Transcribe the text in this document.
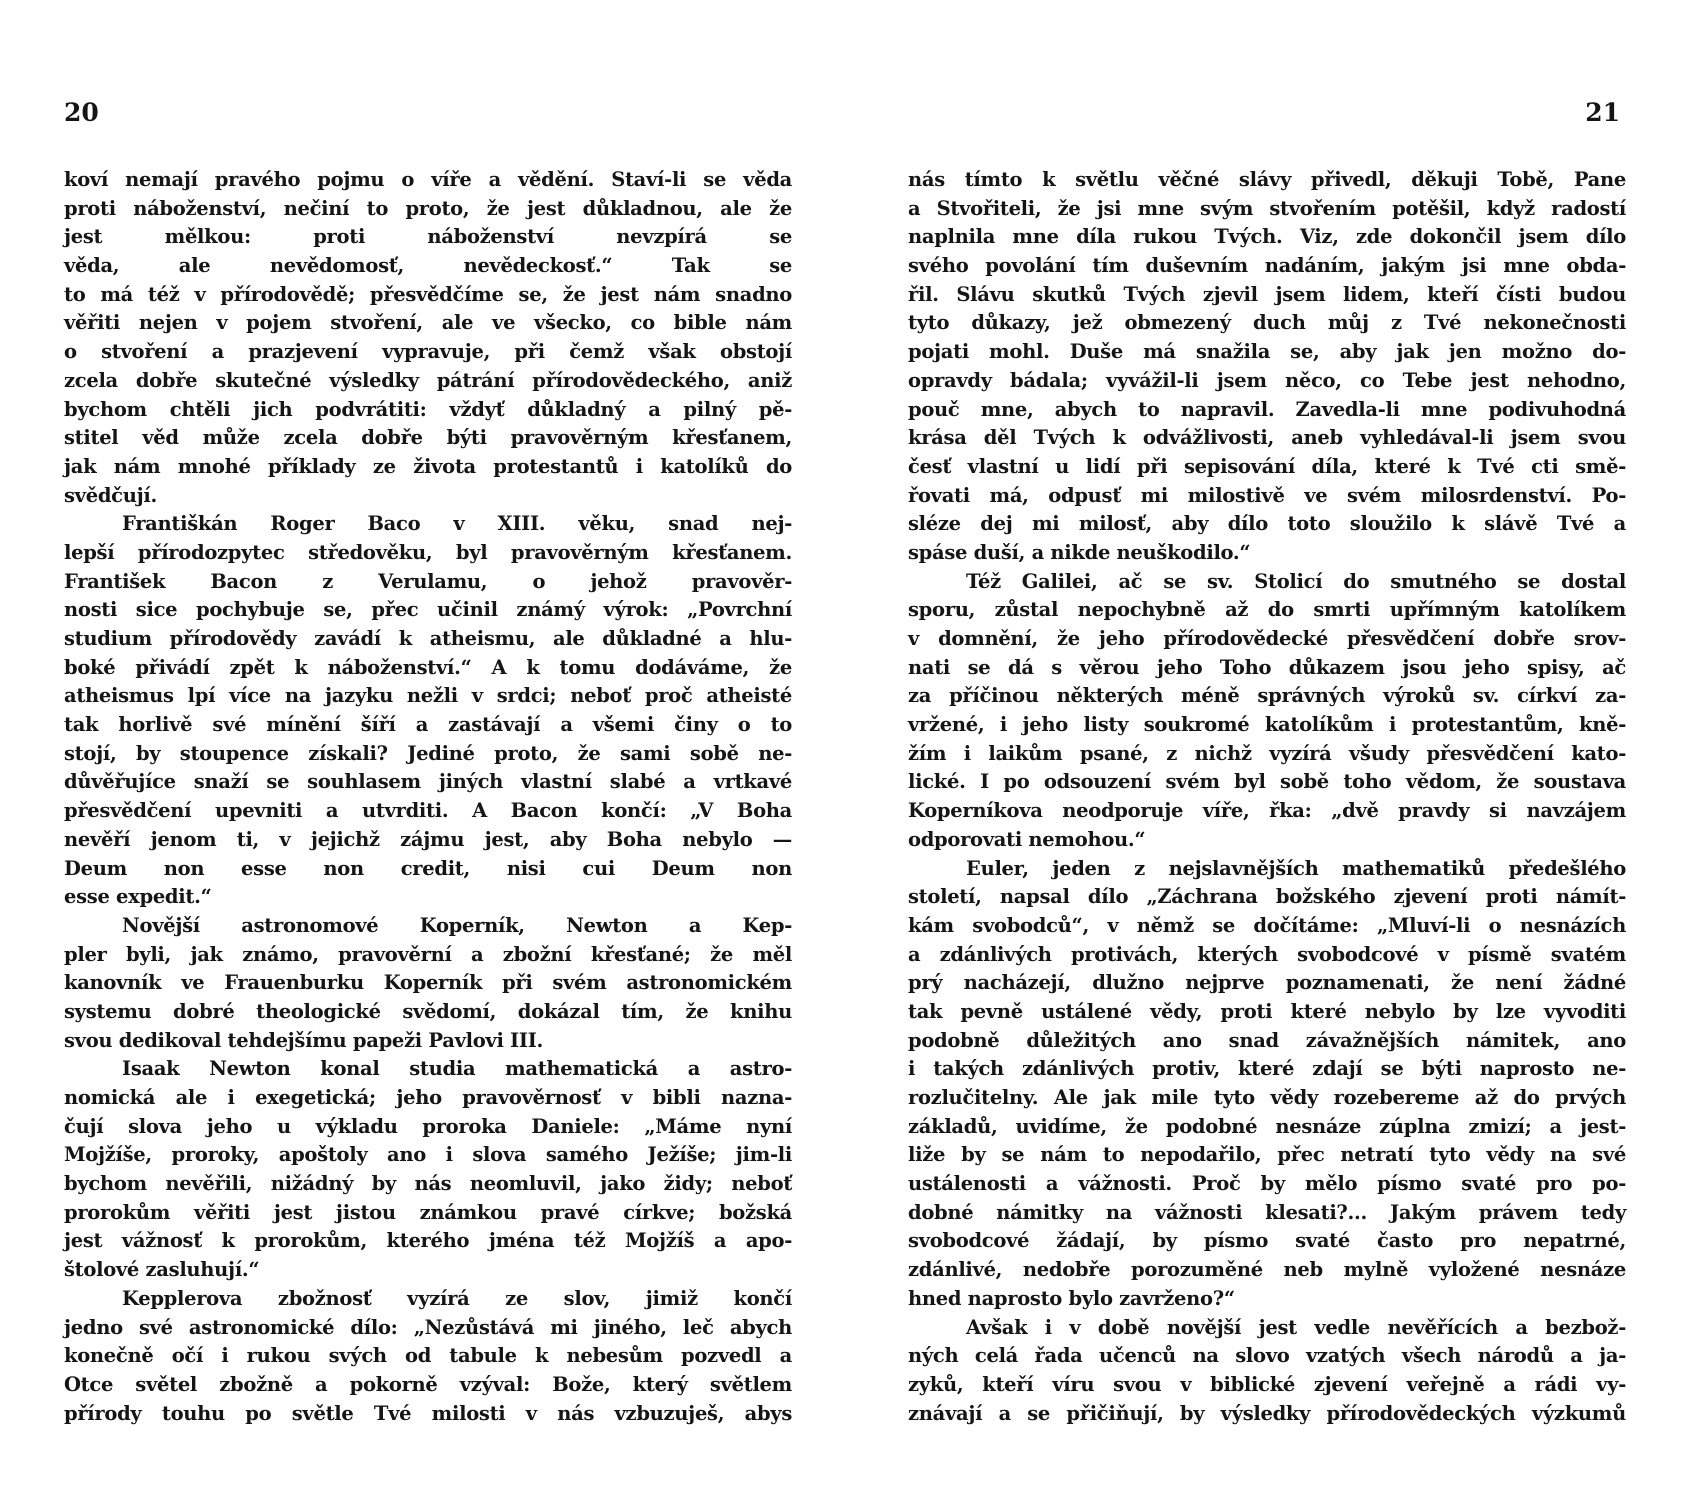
20
koví nemají pravého pojmu o víře a vědění. Staví-li se věda
proti náboženství, nečiní to proto, že jest důkladnou, ale že
jest mělkou: proti náboženství nevzpírá se
věda, ale nevědomosť, nevědeckosť.“ Tak se
to má též v přírodovědě; přesvědčíme se, že jest nám snadno
věřiti nejen v pojem stvoření, ale ve všecko, co bible nám
o stvoření a prazjevení vypravuje, při čemž však obstojí
zcela dobře skutečné výsledky pátrání přírodovědeckého, aniž
bychom chtěli jich podvrátiti: vždyť důkladný a pilný pě-
stitel věd může zcela dobře býti pravověrným křesťanem,
jak nám mnohé příklady ze života protestantů i katolíků do
svědčují.
Františkán Roger Baco v XIII. věku, snad nej-
lepší přírodozpytec středověku, byl pravověrným křesťanem.
František Bacon z Verulamu, o jehož pravověr-
nosti sice pochybuje se, přec učinil známý výrok: „Povrchní
studium přírodovědy zavádí k atheismu, ale důkladné a hlu-
boké přivádí zpět k náboženství.“ A k tomu dodáváme, že
atheismus lpí více na jazyku nežli v srdci; neboť proč atheisté
tak horlivě své mínění šíří a zastávají a všemi činy o to
stojí, by stoupence získali? Jediné proto, že sami sobě ne-
důvěřujíce snaží se souhlasem jiných vlastní slabé a vrtkavé
přesvědčení upevniti a utvrditi. A Bacon končí: „V Boha
nevěří jenom ti, v jejichž zájmu jest, aby Boha nebylo —
Deum non esse non credit, nisi cui Deum non
esse expedit.“
Novější astronomové Koperník, Newton a Kep-
pler byli, jak známo, pravověrní a zbožní křesťané; že měl
kanovník ve Frauenburku Koperník při svém astronomickém
systemu dobré theologické svědomí, dokázal tím, že knihu
svou dedikoval tehdejšímu papeži Pavlovi III.
Isaak Newton konal studia mathematická a astro-
nomická ale i exegetická; jeho pravověrnosť v bibli nazna-
čují slova jeho u výkladu proroka Daniele: „Máme nyní
Mojžíše, proroky, apoštoly ano i slova samého Ježíše; jim-li
bychom nevěřili, nižádný by nás neomluvil, jako židy; neboť
prorokům věřiti jest jistou známkou pravé církve; božská
jest vážnosť k prorokům, kterého jména též Mojžíš a apo-
štolové zasluhují.“
Kepplerova zbožnosť vyzírá ze slov, jimiž končí
jedno své astronomické dílo: „Nezůstává mi jiného, leč abych
konečně očí i rukou svých od tabule k nebesům pozvedl a
Otce světel zbožně a pokorně vzýval: Bože, který světlem
přírody touhu po světle Tvé milosti v nás vzbuzuješ, abys
21
nás tímto k světlu věčné slávy přivedl, děkuji Tobě, Pane
a Stvořiteli, že jsi mne svým stvořením potěšil, když radostí
naplnila mne díla rukou Tvých. Viz, zde dokončil jsem dílo
svého povolání tím duševním nadáním, jakým jsi mne obda-
řil. Slávu skutků Tvých zjevil jsem lidem, kteří čísti budou
tyto důkazy, jež obmezený duch můj z Tvé nekonečnosti
pojati mohl. Duše má snažila se, aby jak jen možno do-
opravdy bádala; vyvážil-li jsem něco, co Tebe jest nehodno,
pouč mne, abych to napravil. Zavedla-li mne podivuhodná
krása děl Tvých k odvážlivosti, aneb vyhledával-li jsem svou
česť vlastní u lidí při sepisování díla, které k Tvé cti smě-
řovati má, odpusť mi milostivě ve svém milosrdenství. Po-
sléze dej mi milosť, aby dílo toto sloužilo k slávě Tvé a
spáse duší, a nikde neuškodilo.“
Též Galilei, ač se sv. Stolicí do smutného se dostal
sporu, zůstal nepochybně až do smrti upřímným katolíkem
v domnění, že jeho přírodovědecké přesvědčení dobře srov-
nati se dá s věrou jeho Toho důkazem jsou jeho spisy, ač
za příčinou některých méně správných výroků sv. církví za-
vržené, i jeho listy soukromé katolíkům i protestantům, kně-
žím i laikům psané, z nichž vyzírá všudy přesvědčení kato-
lické. I po odsouzení svém byl sobě toho vědom, že soustava
Koperníkova neodporuje víře, řka: „dvě pravdy si navzájem
odporovati nemohou.“
Euler, jeden z nejslavnějších mathematiků předešlého
století, napsal dílo „Záchrana božského zjevení proti námít-
kám svobodců“, v němž se dočítáme: „Mluví-li o nesnázích
a zdánlivých protivách, kterých svobodcové v písmě svatém
prý nacházejí, dlužno nejprve poznamenati, že není žádné
tak pevně ustálené vědy, proti které nebylo by lze vyvoditi
podobně důležitých ano snad závažnějších námitek, ano
i takých zdánlivých protiv, které zdají se býti naprosto ne-
rozlučitelny. Ale jak mile tyto vědy rozebereme až do prvých
základů, uvidíme, že podobné nesnáze zúplna zmizí; a jest-
liže by se nám to nepodařilo, přec netratí tyto vědy na své
ustálenosti a vážnosti. Proč by mělo písmo svaté pro po-
dobné námitky na vážnosti klesati?... Jakým právem tedy
svobodcové žádají, by písmo svaté často pro nepatrné,
zdánlivé, nedobře porozuměné neb mylně vyložené nesnáze
hned naprosto bylo zavrženo?“
Avšak i v době novější jest vedle nevěřících a bezbož-
ných celá řada učenců na slovo vzatých všech národů a ja-
zyků, kteří víru svou v biblické zjevení veřejně a rádi vy-
znávají a se přičiňují, by výsledky přírodovědeckých výzkumů
